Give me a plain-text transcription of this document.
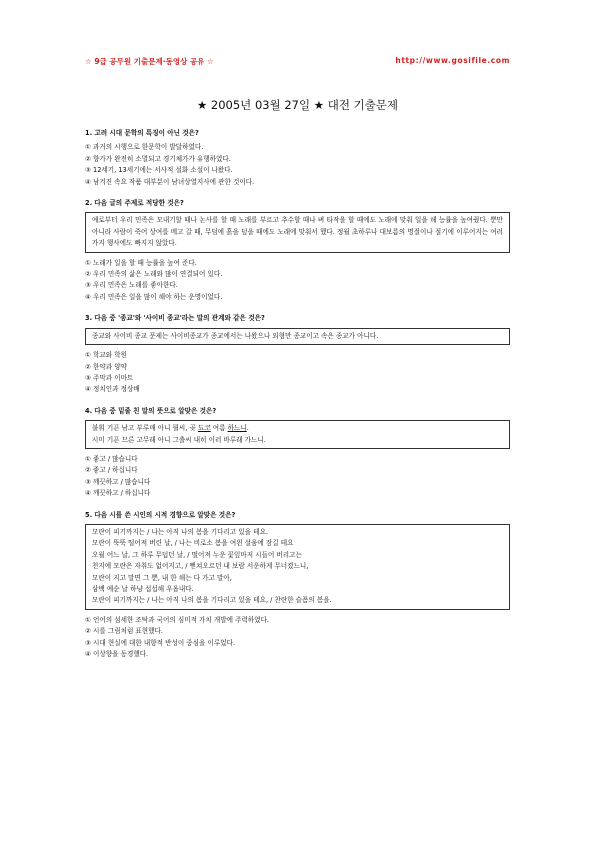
☆ 9급 공무원 기출문제·동영상 공유 ☆	http://www.gosifile.com
★ 2005년 03월 27일 ★ 대전 기출문제
1. 고려 시대 문학의 특징이 아닌 것은?
① 과거의 시행으로 한문학이 발달하였다.
② 향가가 완전히 소멸되고 경기체가가 유행하였다.
③ 12세기, 13세기에는 서사적 설화 소설이 나왔다.
④ 남겨진 속요 작품 대부분이 남녀상열지사에 관한 것이다.
2. 다음 글의 주제로 적당한 것은?

예로부터 우리 민족은 모내기할 때나 논사를 할 때 노래를 부르고 추수할 때나 벼 타작을 할 때에도 노래에 맞춰 일을 해 능률을 높여줬다. 뿐만 아니라 사람이 죽어 상여를 메고 갈 때, 무덤에 흙을 덮을 때에도 노래에 맞춰서 했다. 정월 초하루나 대보름의 명절이나 절기에 이루어지는 여러 가지 행사에도 빠지지 않았다.

① 노래가 일을 할 때 능률을 높여 준다.
② 우리 민족의 삶은 노래와 많이 연결되어 있다.
③ 우리 민족은 노래를 좋아한다.
④ 우리 민족은 일을 많이 해야 하는 운명이었다.
3. 다음 중 '종교'와 '사이비 종교'라는 말의 관계와 같은 것은?

종교와 사이비 종교 문제는 사이비종교가 종교에서는 나왔으나 외형만 종교이고 속은 종교가 아니다.

① 학교와 학원
② 한약과 양약
③ 주막과 이마트
④ 정치인과 정상배
4. 다음 중 밑줄 친 말의 뜻으로 알맞은 것은?

불휘 기픈 남고 부루매 아니 뮐씨, 곶 됴코 여름 하느니.

시미 기픈 므른 고무래 아니 그츨씨 내히 이러 바루래 가느니.

① 좋고 / 많습니다
② 좋고 / 하십니다
③ 깨끗하고 / 많습니다
④ 깨끗하고 / 하십니다
5. 다음 시를 쓴 시인의 시적 경향으로 알맞은 것은?

모란이 피기까지는 / 나는 아직 나의 봄을 기다리고 있을 테요.

모란이 뚝뚝 떨어져 버린 날, / 나는 비로소 봄을 여읜 설움에 잠길 테요

오월 어느 날, 그 하루 무덥던 날, / 떨어져 누운 꽃잎마저 시들어 버리고는

천지에 모란은 자취도 없어지고, / 뻗쳐오르던 내 보람 서운하게 무너졌느니,

모란이 지고 말면 그 뿐, 내 한 해는 다 가고 말아,

삼백 예순 날 하냥 섭섭해 우옵내다.

모란이 피기까지는 / 나는 아직 나의 봄을 기다리고 있을 테요, / 찬란한 슬픔의 봄을.

① 언어의 섬세한 조탁과 국어의 심미적 가치 개발에 주력하였다.
② 시를 그림처럼 표현했다.
③ 시대 현실에 대한 내향적 반성이 중심을 이루었다.
④ 이상향을 동경했다.
